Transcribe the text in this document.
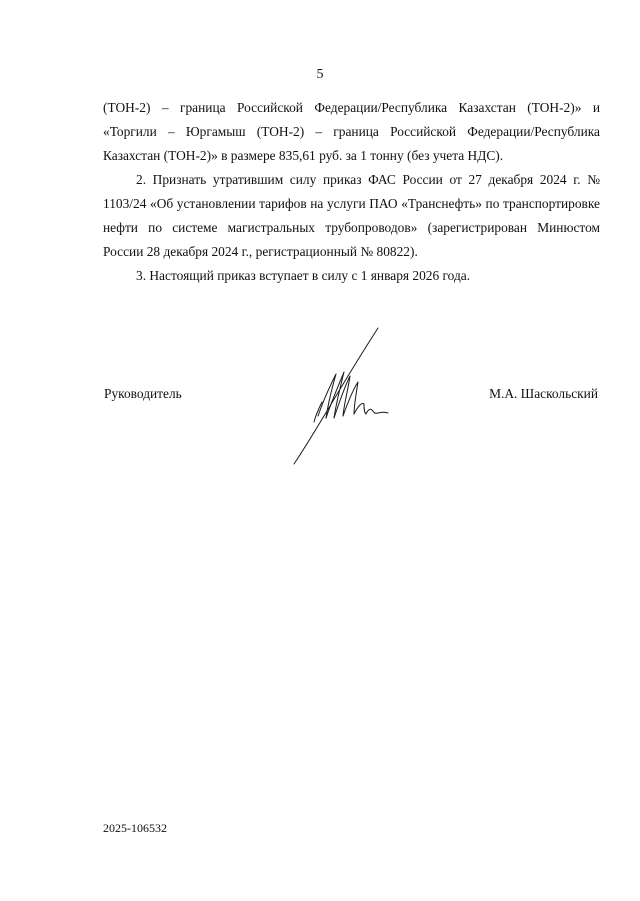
5

(ТОН-2) – граница Российской Федерации/Республика Казахстан (ТОН-2)» и «Торгили – Юргамыш (ТОН-2) – граница Российской Федерации/Республика Казахстан (ТОН-2)» в размере 835,61 руб. за 1 тонну (без учета НДС).

2. Признать утратившим силу приказ ФАС России от 27 декабря 2024 г. № 1103/24 «Об установлении тарифов на услуги ПАО «Транснефть» по транспортировке нефти по системе магистральных трубопроводов» (зарегистрирован Минюстом России 28 декабря 2024 г., регистрационный № 80822).

3. Настоящий приказ вступает в силу с 1 января 2026 года.

Руководитель	М.А. Шаскольский
2025-106532
